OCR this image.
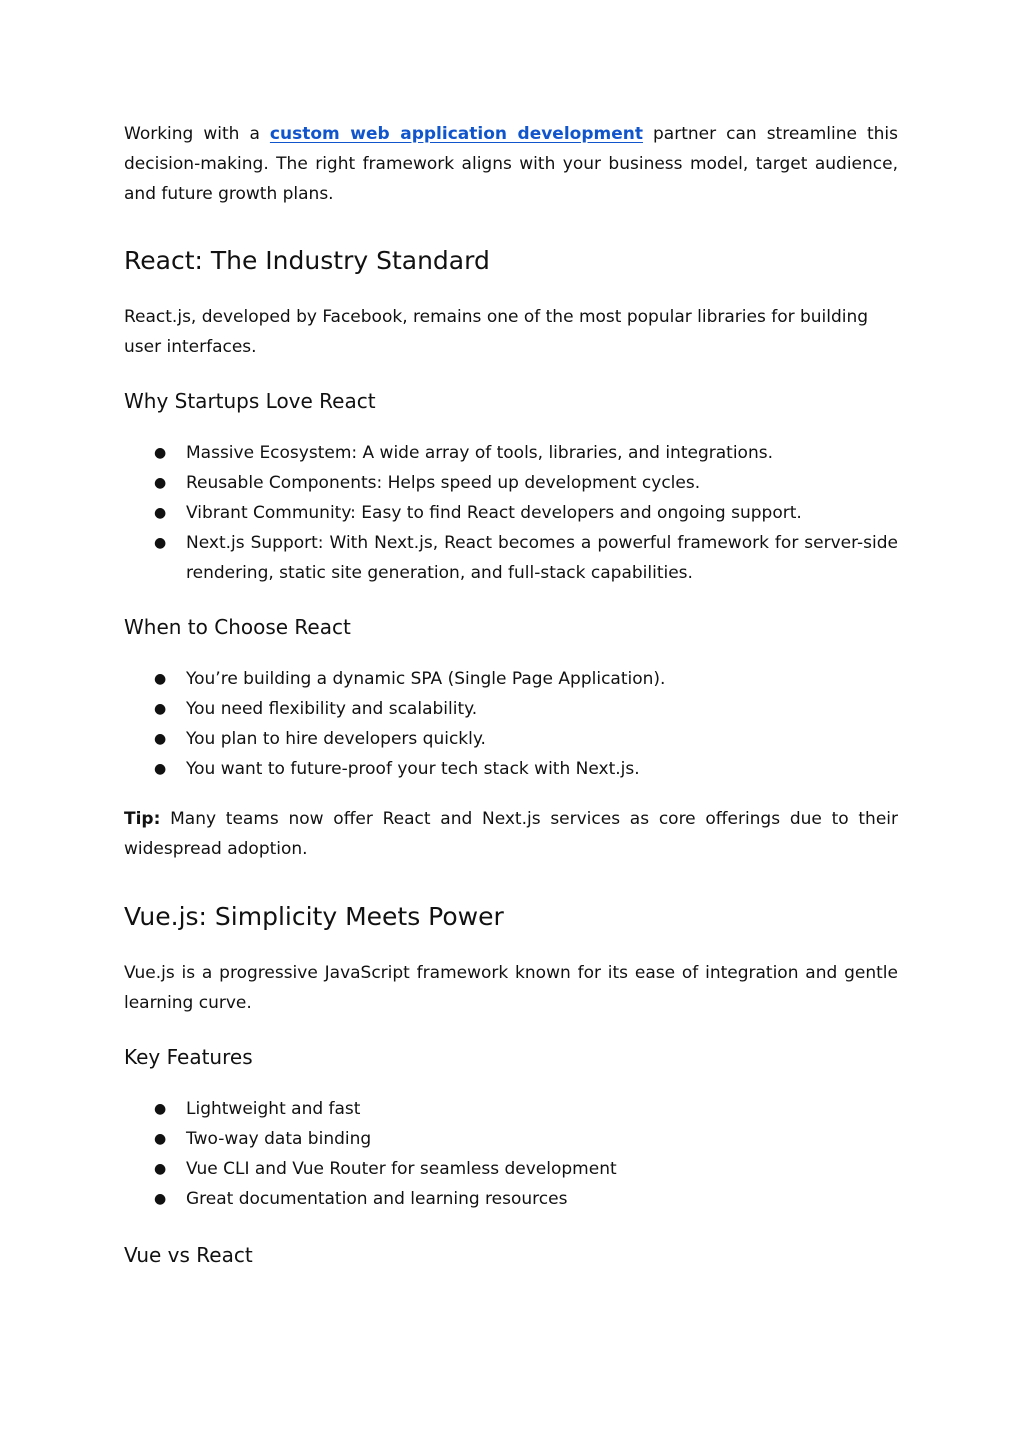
Working with a custom web application development partner can streamline this decision-making. The right framework aligns with your business model, target audience, and future growth plans.

React: The Industry Standard

React.js, developed by Facebook, remains one of the most popular libraries for building user interfaces.

Why Startups Love React
● Massive Ecosystem: A wide array of tools, libraries, and integrations.
● Reusable Components: Helps speed up development cycles.
● Vibrant Community: Easy to find React developers and ongoing support.
● Next.js Support: With Next.js, React becomes a powerful framework for server-side rendering, static site generation, and full-stack capabilities.
When to Choose React
● You’re building a dynamic SPA (Single Page Application).
● You need flexibility and scalability.
● You plan to hire developers quickly.
● You want to future-proof your tech stack with Next.js.

Tip: Many teams now offer React and Next.js services as core offerings due to their widespread adoption.

Vue.js: Simplicity Meets Power

Vue.js is a progressive JavaScript framework known for its ease of integration and gentle learning curve.

Key Features
● Lightweight and fast
● Two-way data binding
● Vue CLI and Vue Router for seamless development
● Great documentation and learning resources
Vue vs React
